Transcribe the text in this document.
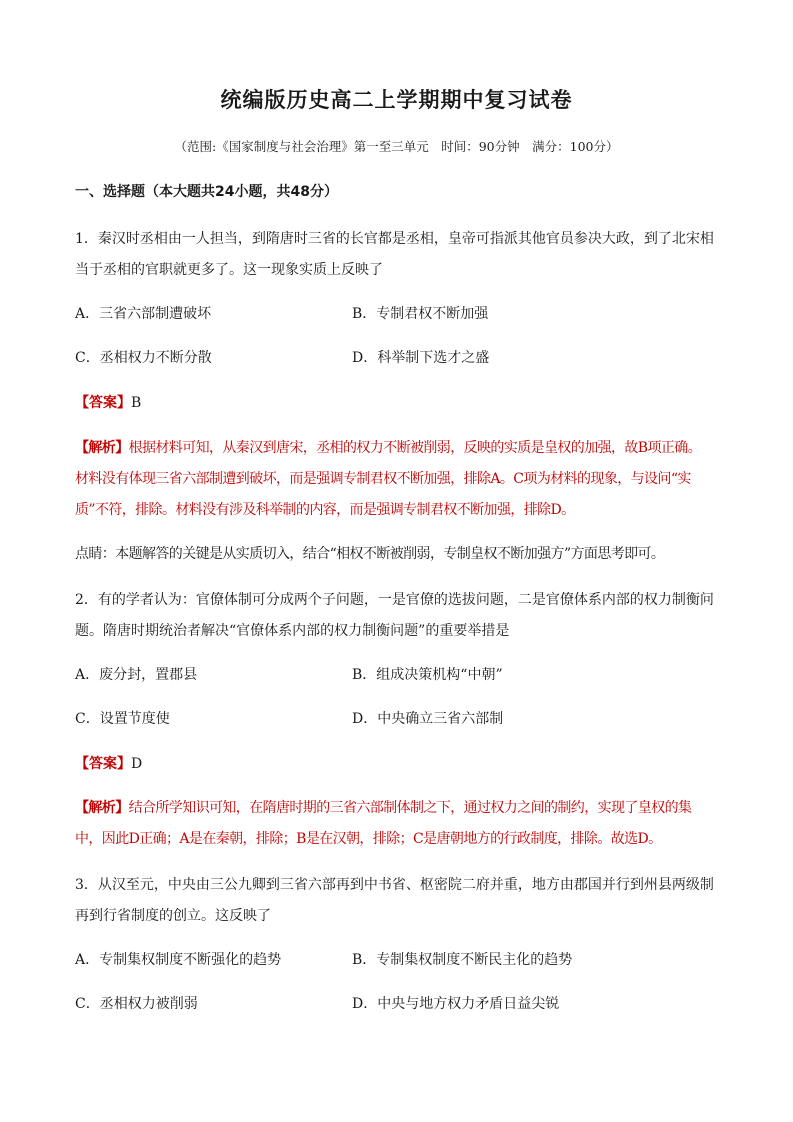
统编版历史高二上学期期中复习试卷
（范围:《国家制度与社会治理》第一至三单元　时间：90分钟　满分：100分）
一、选择题（本大题共24小题，共48分）
1．秦汉时丞相由一人担当，到隋唐时三省的长官都是丞相，皇帝可指派其他官员参决大政，到了北宋相
当于丞相的官职就更多了。这一现象实质上反映了
A．三省六部制遭破坏	B．专制君权不断加强
C．丞相权力不断分散	D．科举制下选才之盛
【答案】B
【解析】根据材料可知，从秦汉到唐宋，丞相的权力不断被削弱，反映的实质是皇权的加强，故B项正确。
材料没有体现三省六部制遭到破坏，而是强调专制君权不断加强，排除A。C项为材料的现象，与设问“实
质”不符，排除。材料没有涉及科举制的内容，而是强调专制君权不断加强，排除D。
点睛：本题解答的关键是从实质切入，结合“相权不断被削弱，专制皇权不断加强方”方面思考即可。
2．有的学者认为：官僚体制可分成两个子问题，一是官僚的选拔问题，二是官僚体系内部的权力制衡问
题。隋唐时期统治者解决“官僚体系内部的权力制衡问题”的重要举措是
A．废分封，置郡县	B．组成决策机构“中朝”
C．设置节度使	D．中央确立三省六部制
【答案】D
【解析】结合所学知识可知，在隋唐时期的三省六部制体制之下，通过权力之间的制约，实现了皇权的集
中，因此D正确；A是在秦朝，排除；B是在汉朝，排除；C是唐朝地方的行政制度，排除。故选D。
3．从汉至元，中央由三公九卿到三省六部再到中书省、枢密院二府并重，地方由郡国并行到州县两级制
再到行省制度的创立。这反映了
A．专制集权制度不断强化的趋势	B．专制集权制度不断民主化的趋势
C．丞相权力被削弱	D．中央与地方权力矛盾日益尖锐
